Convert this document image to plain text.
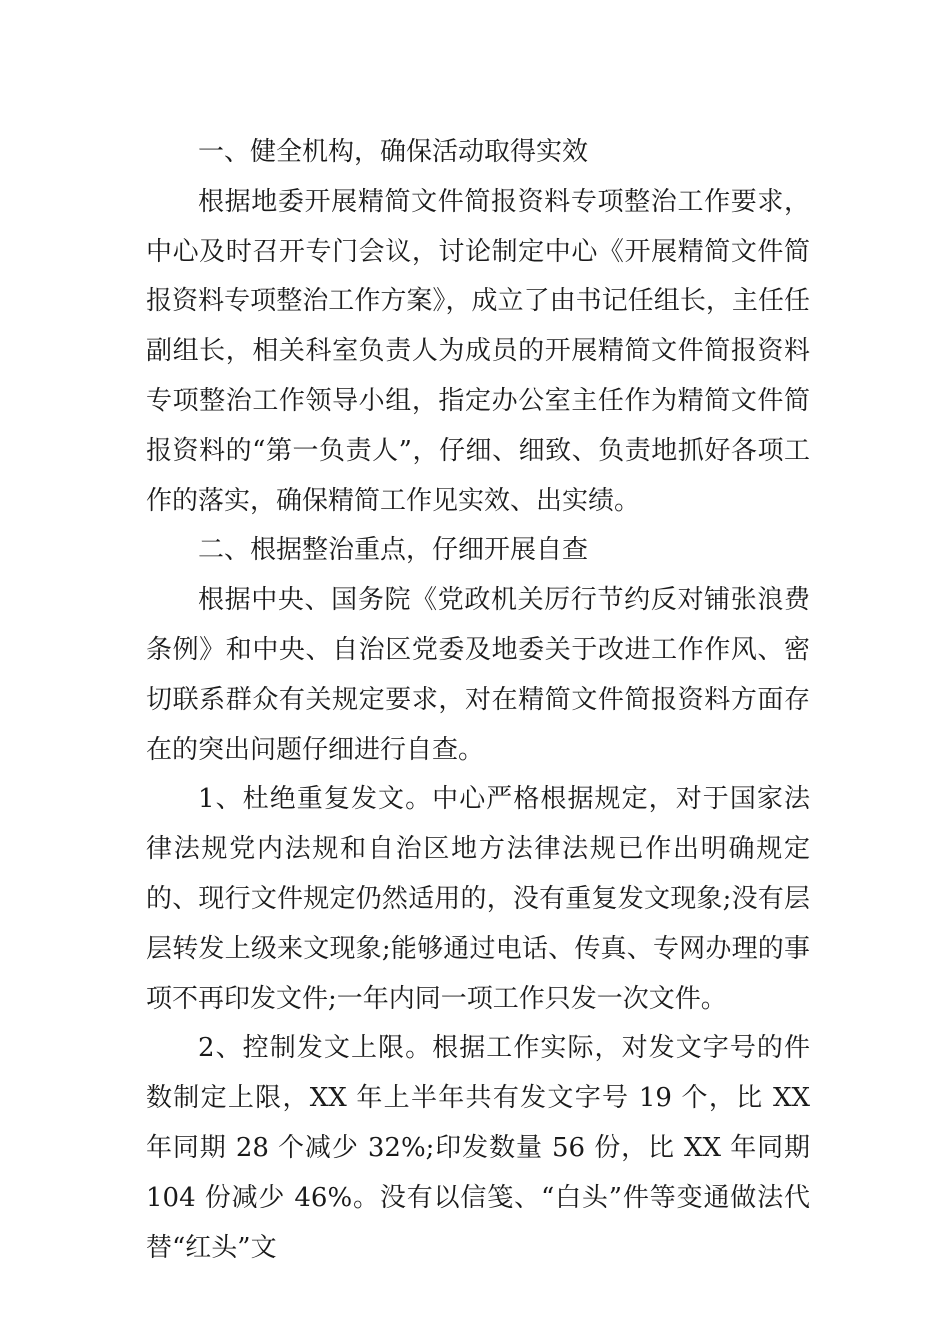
一、健全机构，确保活动取得实效

根据地委开展精简文件简报资料专项整治工作要求，中心及时召开专门会议，讨论制定中心《开展精简文件简报资料专项整治工作方案》，成立了由书记任组长，主任任副组长，相关科室负责人为成员的开展精简文件简报资料专项整治工作领导小组，指定办公室主任作为精简文件简报资料的“第一负责人”，仔细、细致、负责地抓好各项工作的落实，确保精简工作见实效、出实绩。

二、根据整治重点，仔细开展自查

根据中央、国务院《党政机关厉行节约反对铺张浪费条例》和中央、自治区党委及地委关于改进工作作风、密切联系群众有关规定要求，对在精简文件简报资料方面存在的突出问题仔细进行自查。

1、杜绝重复发文。中心严格根据规定，对于国家法律法规党内法规和自治区地方法律法规已作出明确规定的、现行文件规定仍然适用的，没有重复发文现象;没有层层转发上级来文现象;能够通过电话、传真、专网办理的事项不再印发文件;一年内同一项工作只发一次文件。

2、控制发文上限。根据工作实际，对发文字号的件数制定上限，XX 年上半年共有发文字号 19 个，比 XX 年同期 28 个减少 32%;印发数量 56 份，比 XX 年同期 104 份减少 46%。没有以信笺、“白头”件等变通做法代替“红头”文
